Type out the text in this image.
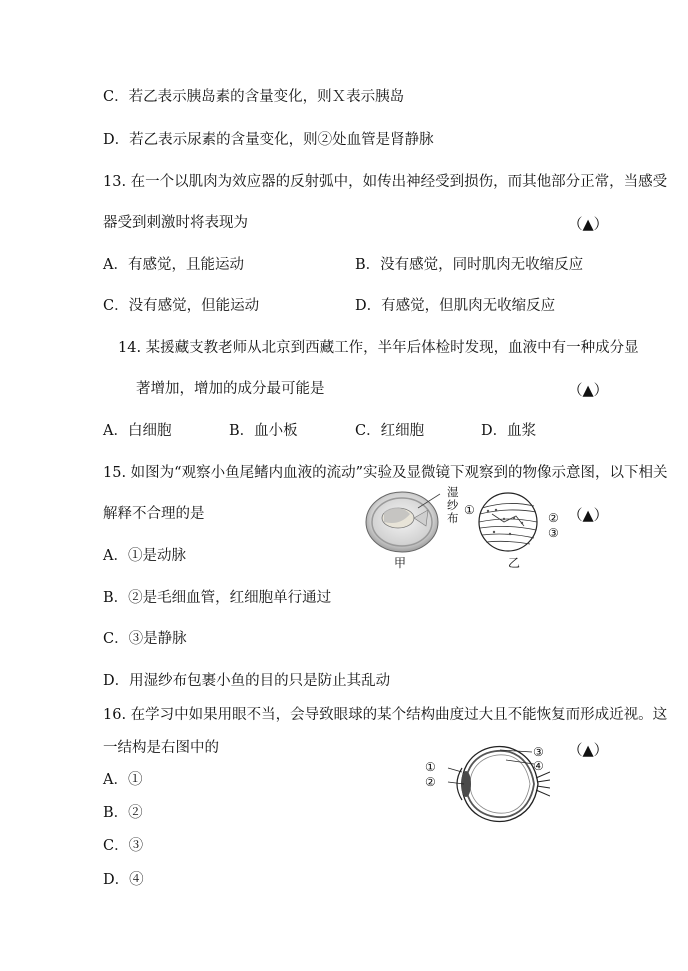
C．若乙表示胰岛素的含量变化，则Ｘ表示胰岛
D．若乙表示尿素的含量变化，则②处血管是肾静脉
13. 在一个以肌肉为效应器的反射弧中，如传出神经受到损伤，而其他部分正常，当感受
器受到刺激时将表现为	（▲）
A．有感觉，且能运动	B．没有感觉，同时肌肉无收缩反应
C．没有感觉，但能运动	D．有感觉，但肌肉无收缩反应
14. 某援藏支教老师从北京到西藏工作，半年后体检时发现，血液中有一种成分显
著增加，增加的成分最可能是	（▲）
A．白细胞	B．血小板	C．红细胞	D．血浆
15. 如图为“观察小鱼尾鳍内血液的流动”实验及显微镜下观察到的物像示意图，以下相关
解释不合理的是	（▲）
A．①是动脉
B．②是毛细血管，红细胞单行通过
C．③是静脉
D．用湿纱布包裹小鱼的目的只是防止其乱动
湿纱布
甲
①
②
③
乙
16. 在学习中如果用眼不当，会导致眼球的某个结构曲度过大且不能恢复而形成近视。这
一结构是右图中的	（▲）
A．①
B．②
C．③
D．④
①
②
③
④
